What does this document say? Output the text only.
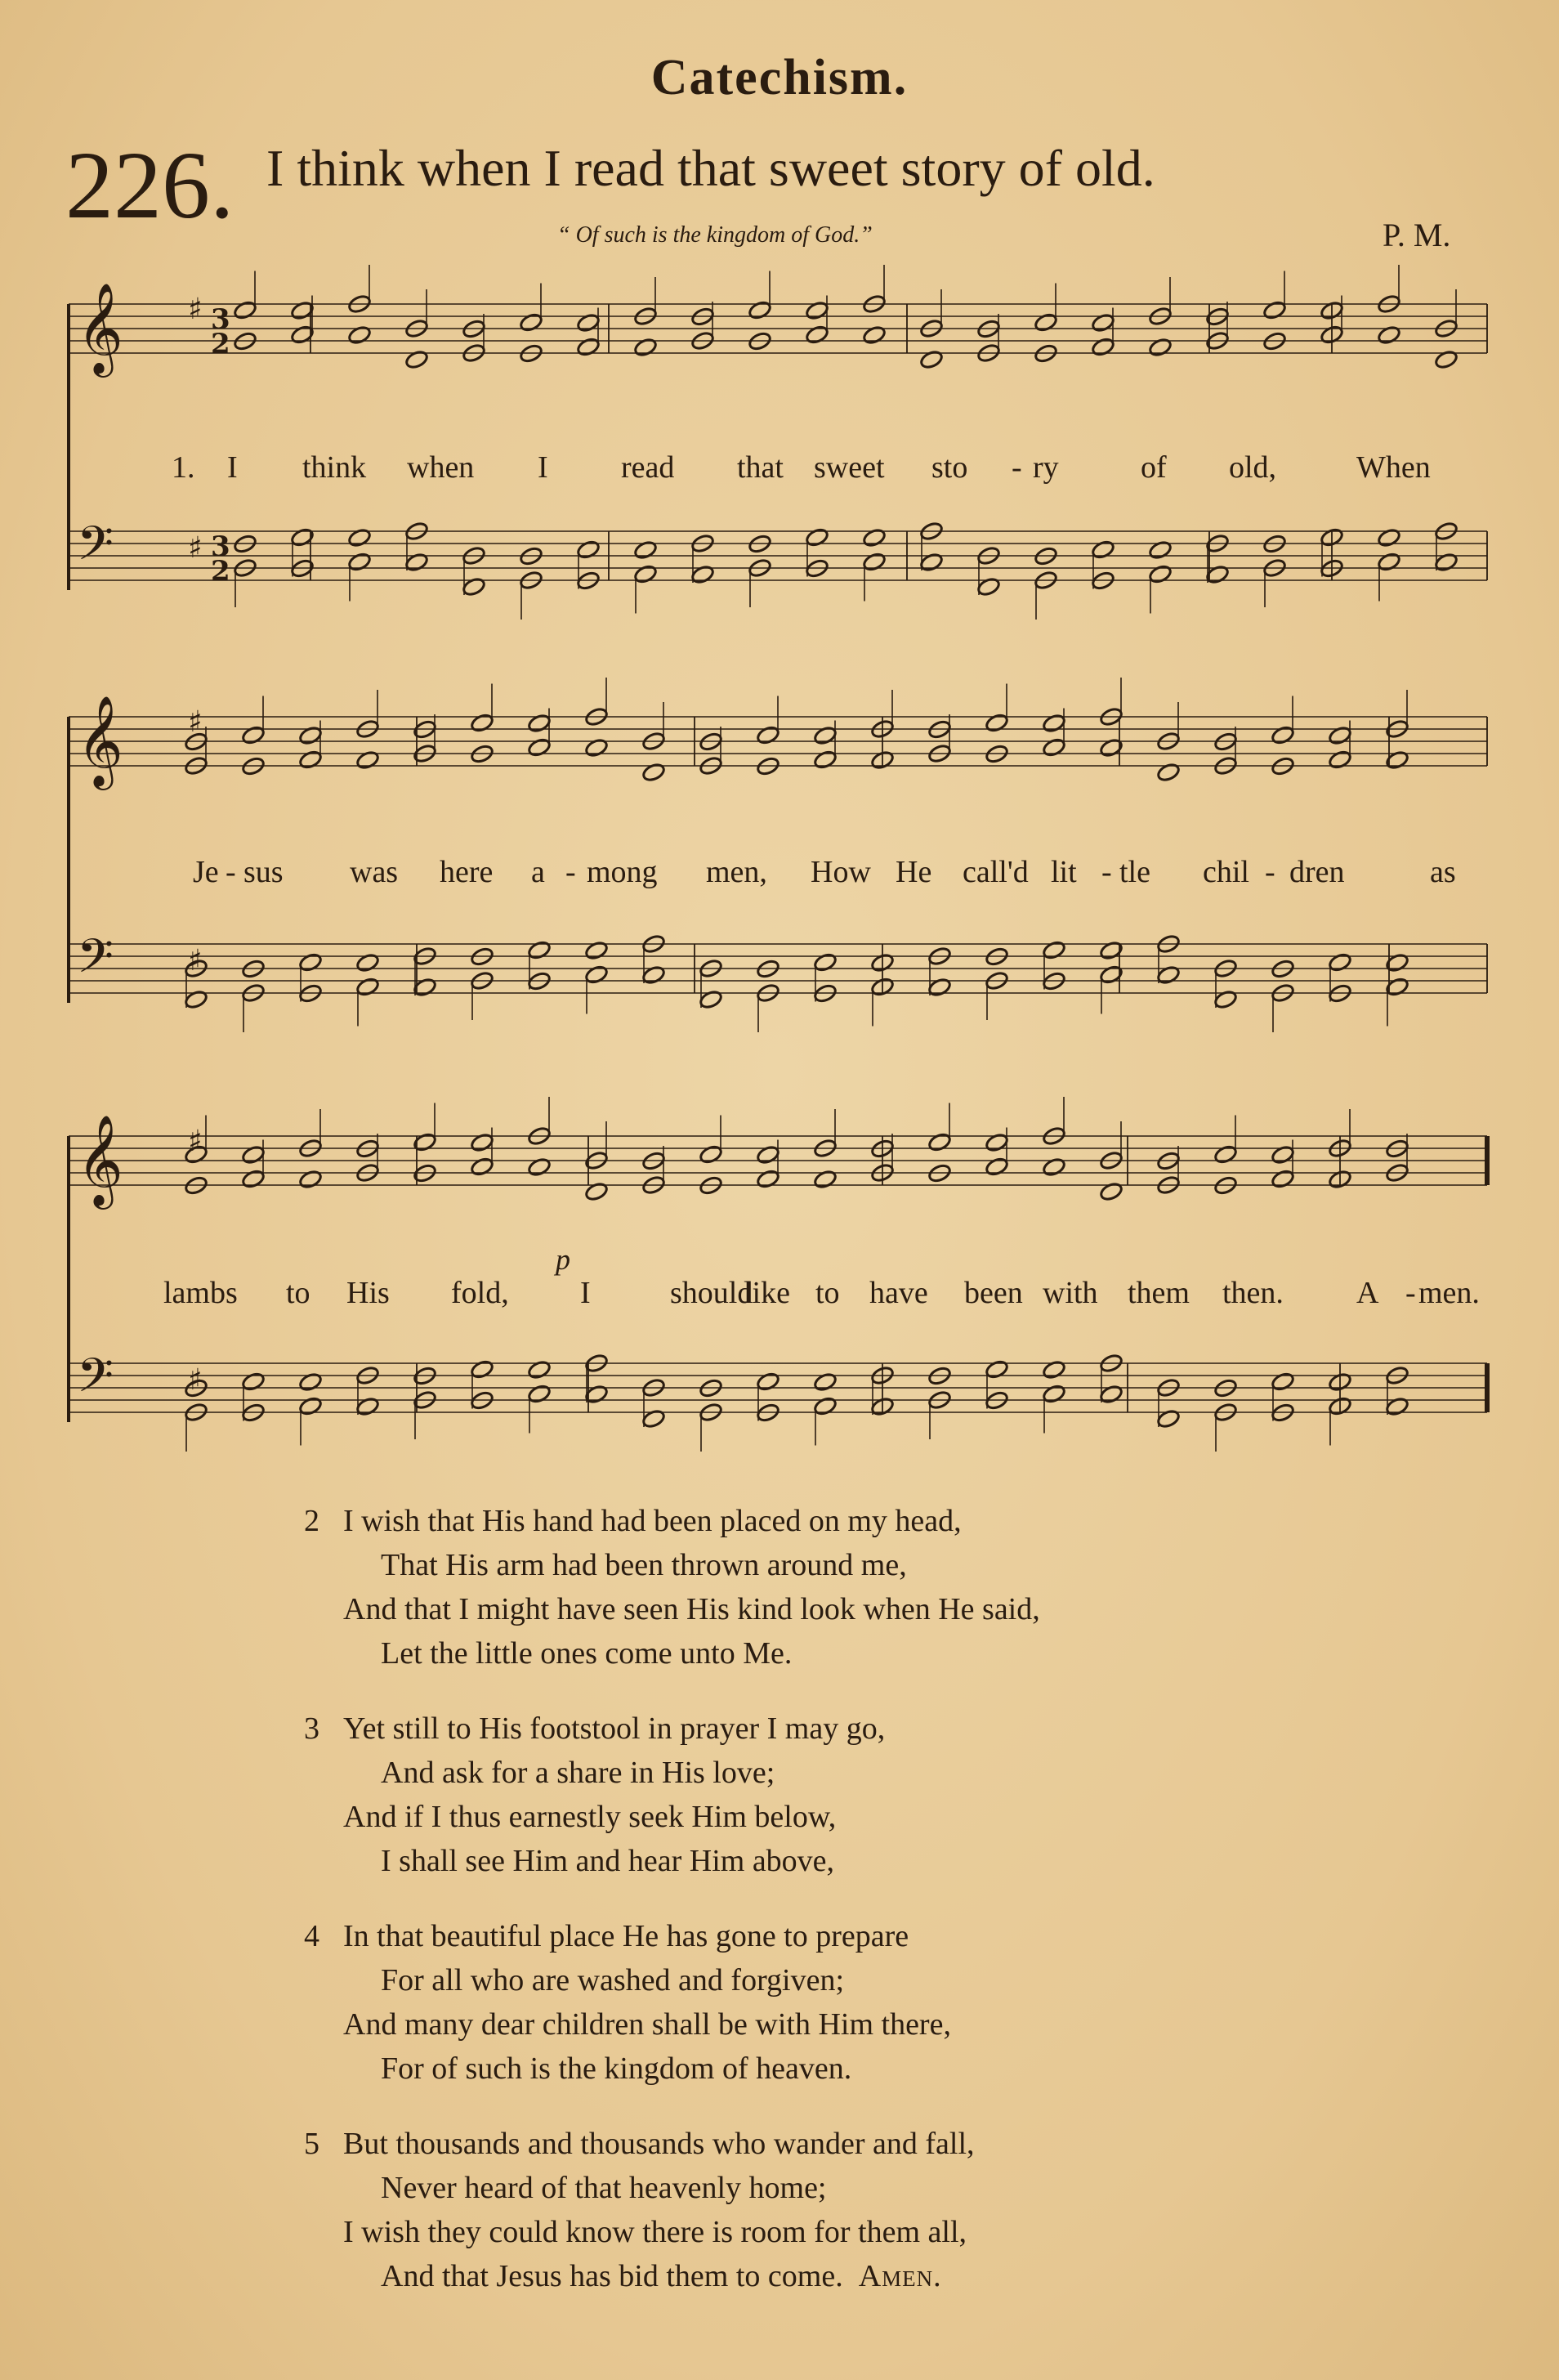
Catechism.
226. I think when I read that sweet story of old.
“ Of such is the kingdom of God.”	P. M.
𝄞 ♯ 3
2
𝄢	♯ 3
2
1. I think when I read that sweet sto - ry	of old,	When
𝄞 ♯
𝄢	♯
Je - sus was here a - mong men, How He call'd lit - tle chil - dren	as
𝄞 ♯
𝄢	♯
lambs to His fold, I	should
like to have been with them then. A - men.
p
2 I wish that His hand had been placed on my head,
That His arm had been thrown around me,
And that I might have seen His kind look when He said,
Let the little ones come unto Me.
3 Yet still to His footstool in prayer I may go,
And ask for a share in His love;
And if I thus earnestly seek Him below,
I shall see Him and hear Him above,
4 In that beautiful place He has gone to prepare
For all who are washed and forgiven;
And many dear children shall be with Him there,
For of such is the kingdom of heaven.
5 But thousands and thousands who wander and fall,
Never heard of that heavenly home;
I wish they could know there is room for them all,
And that Jesus has bid them to come. Amen.
